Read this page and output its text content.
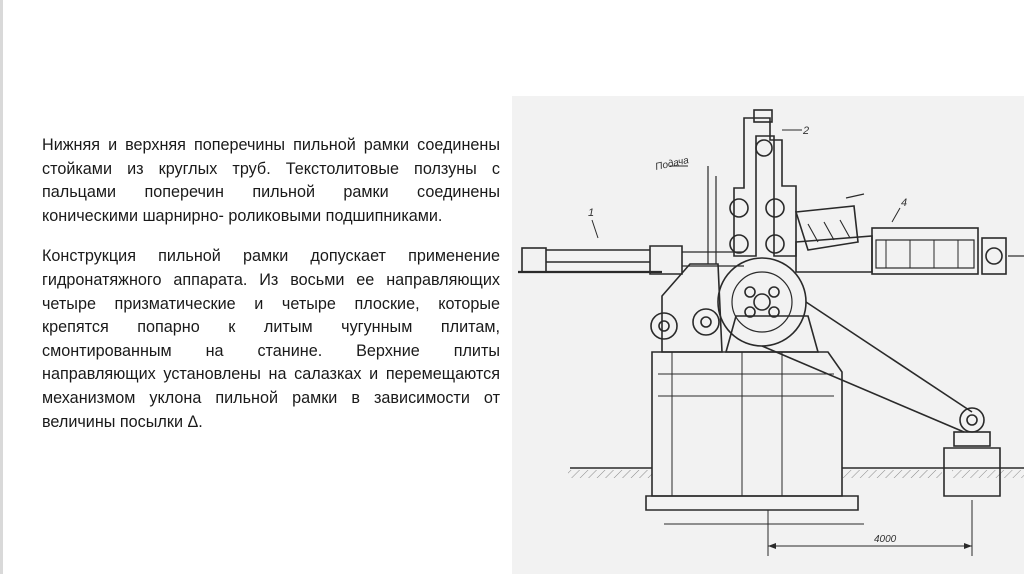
Нижняя и верхняя поперечины пильной рамки соединены стойками из круглых труб. Текстолитовые ползуны с пальцами поперечин пильной рамки соединены коническими шарнирно- роликовыми подшипниками.

Конструкция пильной рамки допускает применение гидронатяжного аппарата. Из восьми ее направляющих четыре призматические и четыре плоские, которые крепятся попарно к литым чугунным плитам, смонтированным на станине. Верхние плиты направляющих установлены на салазках и перемещаются механизмом уклона пильной рамки в зависимости от величины посылки Δ.

Подача
2
1
4
4000
